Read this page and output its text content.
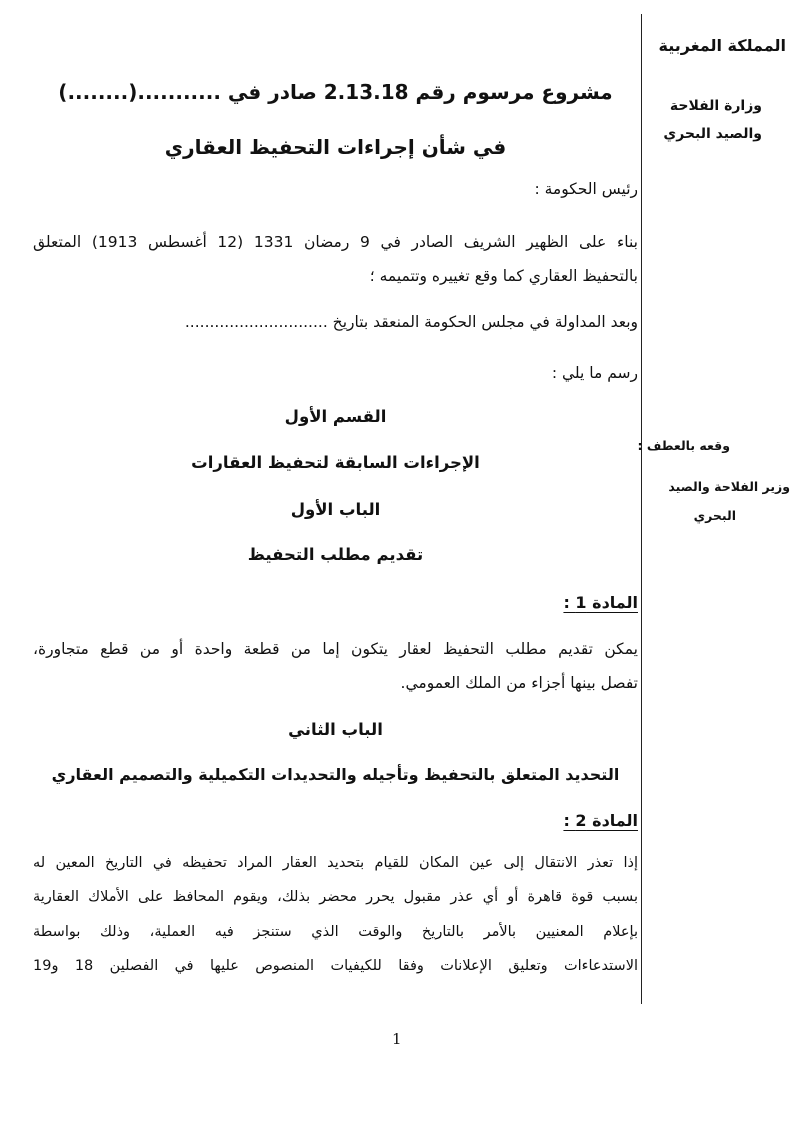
المملكة المغربية
وزارة الفلاحة
والصيد البحري
وقعه بالعطف :
وزير الفلاحة والصيد
البحري
مشروع مرسوم رقم 2.13.18 صادر في ...........(........)
في شأن إجراءات التحفيظ العقاري
رئيس الحكومة :
بناء على الظهير الشريف الصادر في 9 رمضان 1331 (12 أغسطس 1913) المتعلق
بالتحفيظ العقاري كما وقع تغييره وتتميمه ؛
وبعد المداولة في مجلس الحكومة المنعقد بتاريخ .............................
رسم ما يلي :
القسم الأول
الإجراءات السابقة لتحفيظ العقارات
الباب الأول
تقديم مطلب التحفيظ
المادة 1 :
يمكن تقديم مطلب التحفيظ لعقار يتكون إما من قطعة واحدة أو من قطع متجاورة،
تفصل بينها أجزاء من الملك العمومي.
الباب الثاني
التحديد المتعلق بالتحفيظ وتأجيله والتحديدات التكميلية والتصميم العقاري
المادة 2 :
إذا تعذر الانتقال إلى عين المكان للقيام بتحديد العقار المراد تحفيظه في التاريخ المعين له
بسبب قوة قاهرة أو أي عذر مقبول يحرر محضر بذلك، ويقوم المحافظ على الأملاك العقارية
بإعلام المعنيين بالأمر بالتاريخ والوقت الذي ستنجز فيه العملية، وذلك بواسطة
الاستدعاءات وتعليق الإعلانات وفقا للكيفيات المنصوص عليها في الفصلين 18 و19
1
